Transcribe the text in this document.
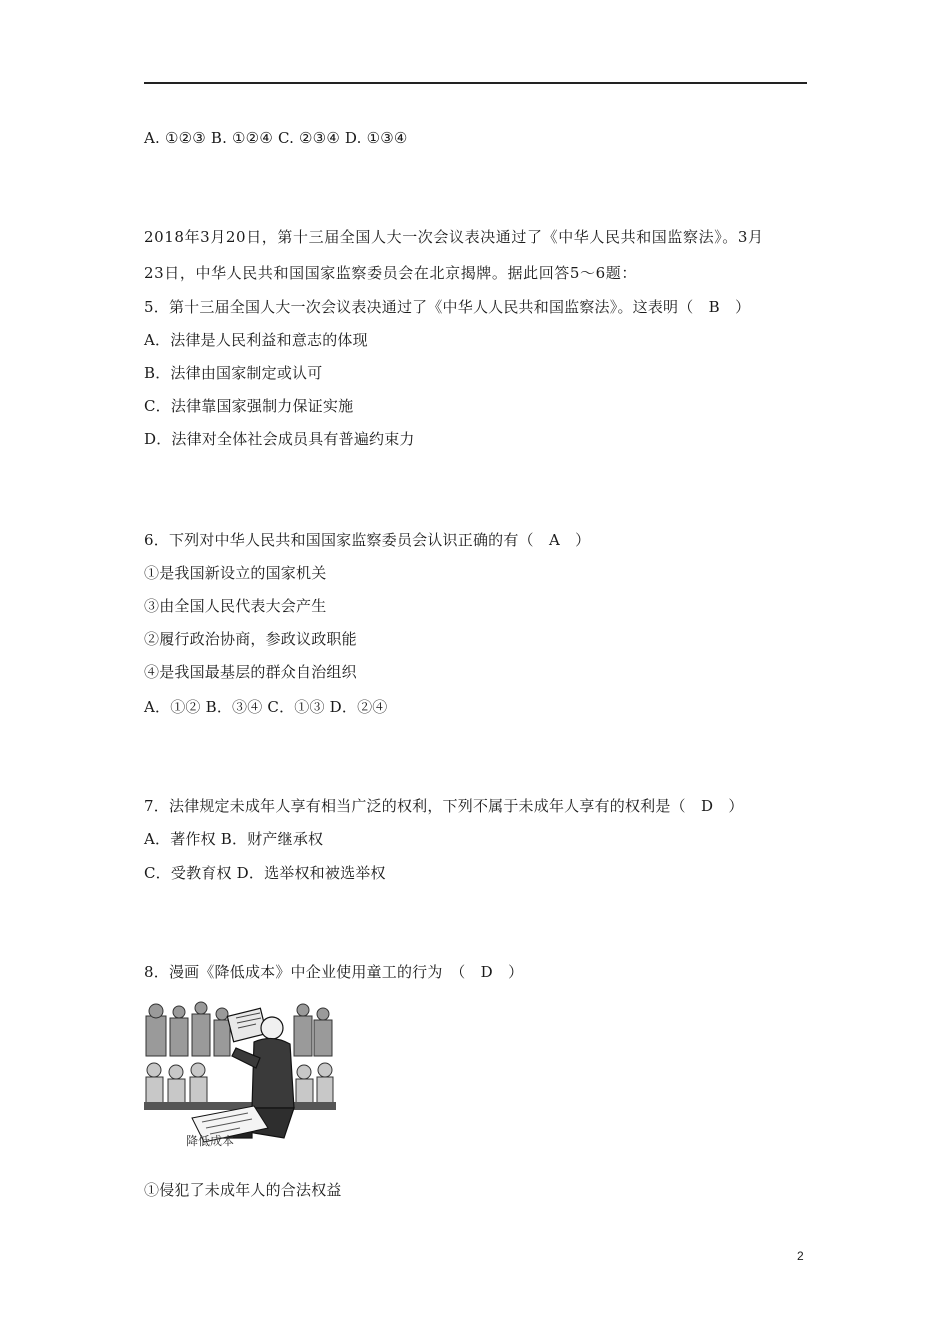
A. ①②③ B. ①②④ C. ②③④ D. ①③④
2018年3月20日，第十三届全国人大一次会议表决通过了《中华人民共和国监察法》。3月
23日，中华人民共和国国家监察委员会在北京揭牌。据此回答5～6题：
5．第十三届全国人大一次会议表决通过了《中华人人民共和国监察法》。这表明（　B　）
A．法律是人民利益和意志的体现
B．法律由国家制定或认可
C．法律靠国家强制力保证实施
D．法律对全体社会成员具有普遍约束力
6．下列对中华人民共和国国家监察委员会认识正确的有（　A　）
①是我国新设立的国家机关
③由全国人民代表大会产生
②履行政治协商，参政议政职能
④是我国最基层的群众自治组织
A．①② B．③④ C．①③ D．②④
7．法律规定未成年人享有相当广泛的权利，下列不属于未成年人享有的权利是（　D　）
A．著作权 B．财产继承权
C．受教育权 D．选举权和被选举权
8．漫画《降低成本》中企业使用童工的行为　（　D　）
降低成本
①侵犯了未成年人的合法权益
2
